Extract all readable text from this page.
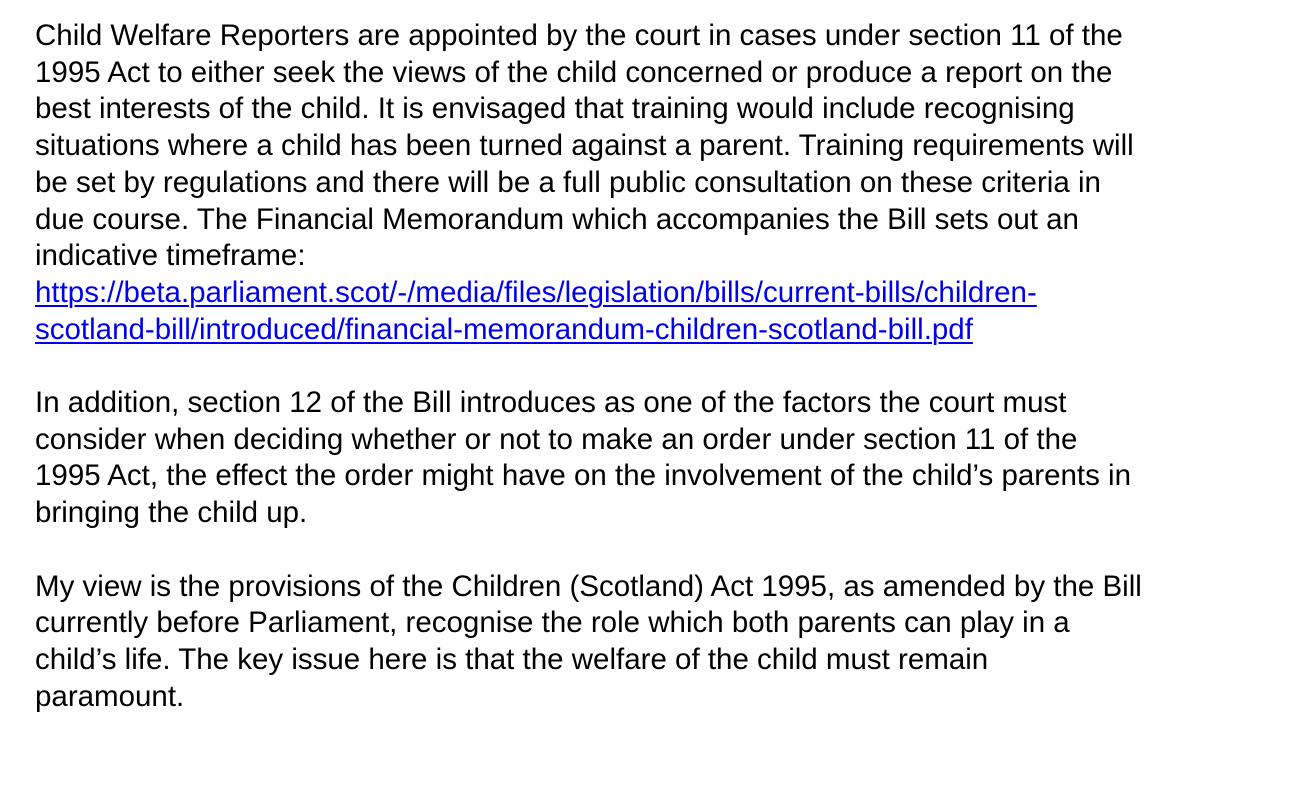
Child Welfare Reporters are appointed by the court in cases under section 11 of the
1995 Act to either seek the views of the child concerned or produce a report on the
best interests of the child. It is envisaged that training would include recognising
situations where a child has been turned against a parent. Training requirements will
be set by regulations and there will be a full public consultation on these criteria in
due course. The Financial Memorandum which accompanies the Bill sets out an
indicative timeframe:
https://beta.parliament.scot/-/media/files/legislation/bills/current-bills/children-
scotland-bill/introduced/financial-memorandum-children-scotland-bill.pdf
In addition, section 12 of the Bill introduces as one of the factors the court must
consider when deciding whether or not to make an order under section 11 of the
1995 Act, the effect the order might have on the involvement of the child’s parents in
bringing the child up.
My view is the provisions of the Children (Scotland) Act 1995, as amended by the Bill
currently before Parliament, recognise the role which both parents can play in a
child’s life. The key issue here is that the welfare of the child must remain
paramount.
